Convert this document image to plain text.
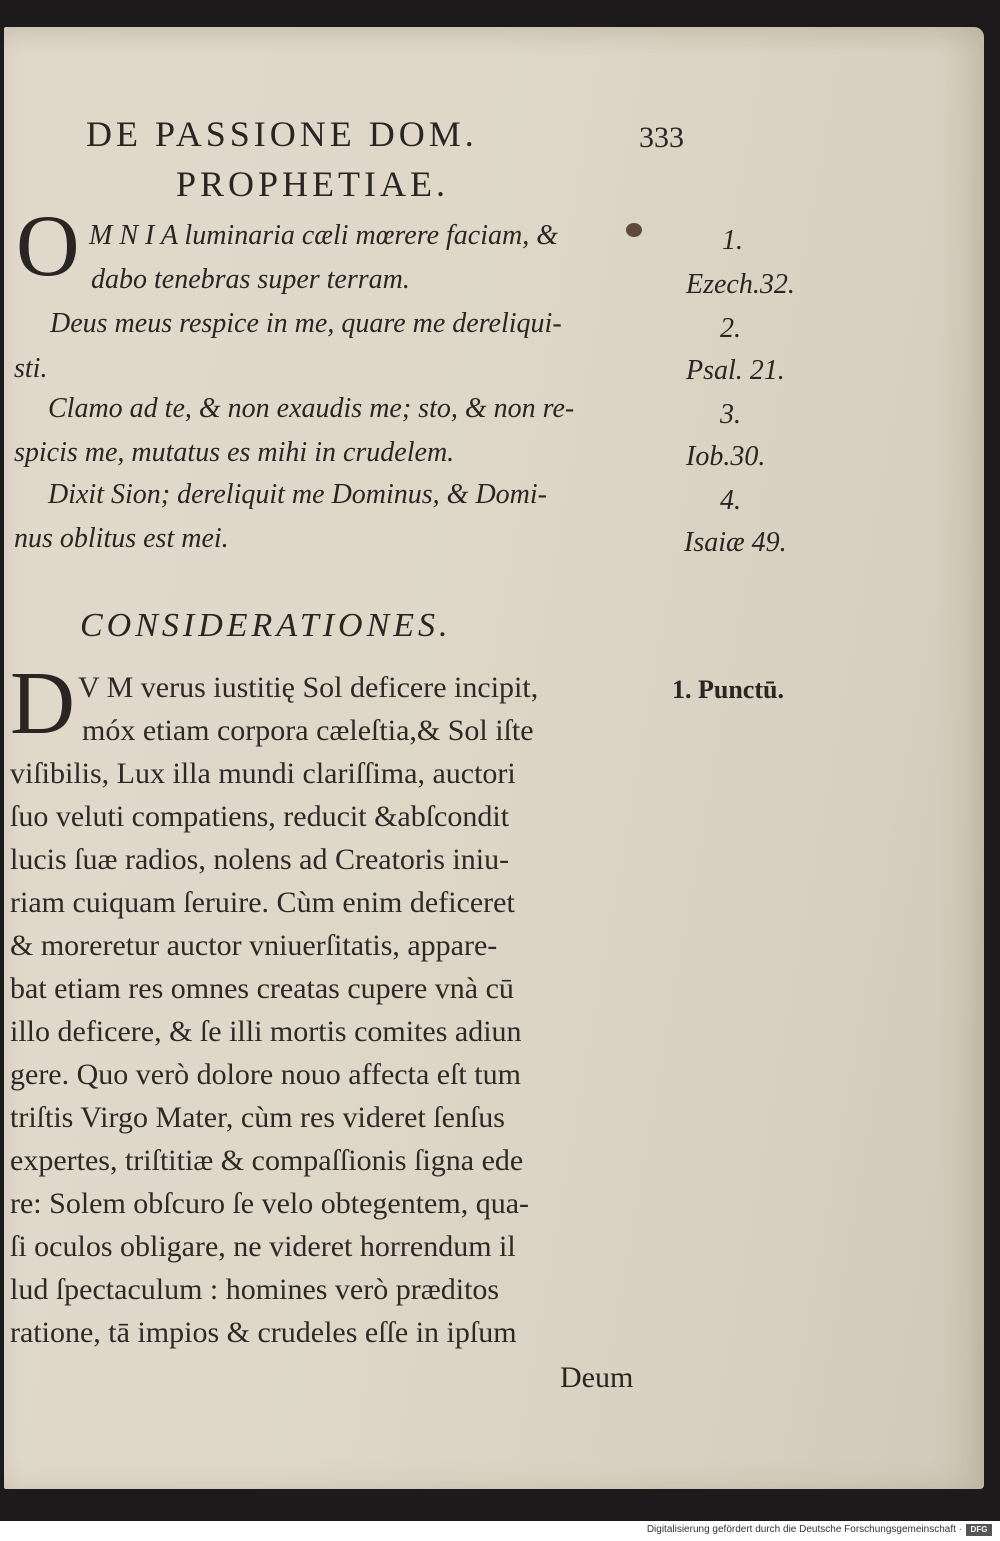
DE PASSIONE DOM.	333
PROPHETIAE.
O M N I A luminaria cæli mœrere faciam, &
dabo tenebras super terram.
Deus meus respice in me, quare me dereliqui-
sti.
Clamo ad te, & non exaudis me; sto, & non re-
spicis me, mutatus es mihi in crudelem.
Dixit Sion; dereliquit me Dominus, & Domi-
nus oblitus est mei.
1.
Ezech.32.
2.
Psal. 21.
3.
Iob.30.
4.
Isaiæ 49.
CONSIDERATIONES.
D	1. Punctū.
V M verus iustitię Sol deficere incipit,
móx etiam corpora cæleſtia,& Sol iſte
viſibilis, Lux illa mundi clariſſima, auctori
ſuo veluti compatiens, reducit &abſcondit
lucis ſuæ radios, nolens ad Creatoris iniu-
riam cuiquam ſeruire. Cùm enim deficeret
& moreretur auctor vniuerſitatis, appare-
bat etiam res omnes creatas cupere vnà cū
illo deficere, & ſe illi mortis comites adiun
gere. Quo verò dolore nouo affecta eſt tum
triſtis Virgo Mater, cùm res videret ſenſus
expertes, triſtitiæ & compaſſionis ſigna ede
re: Solem obſcuro ſe velo obtegentem, qua-
ſi oculos obligare, ne videret horrendum il
lud ſpectaculum : homines verò præditos
ratione, tā impios & crudeles eſſe in ipſum
Deum
Digitalisierung gefördert durch die Deutsche Forschungsgemeinschaft ·	DFG
